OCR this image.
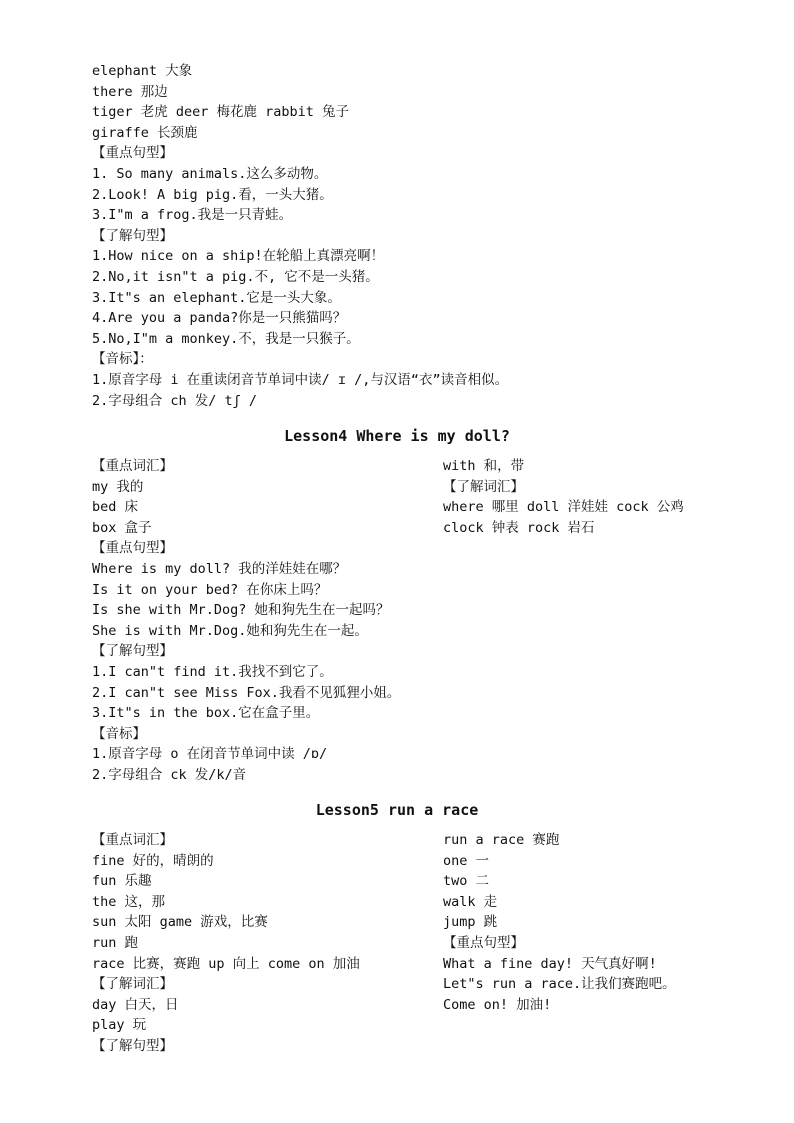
elephant 大象
there 那边
tiger 老虎 deer 梅花鹿 rabbit 兔子
giraffe 长颈鹿
【重点句型】
1. So many animals.这么多动物。
2.Look! A big pig.看，一头大猪。
3.I"m a frog.我是一只青蛙。
【了解句型】
1.How nice on a ship!在轮船上真漂亮啊！
2.No,it isn"t a pig.不, 它不是一头猪。
3.It"s an elephant.它是一头大象。
4.Are you a panda?你是一只熊猫吗？
5.No,I"m a monkey.不，我是一只猴子。
【音标】：
1.原音字母 i 在重读闭音节单词中读/ ɪ /,与汉语“衣”读音相似。
2.字母组合 ch 发/ tʃ /
Lesson4 Where is my doll?
【重点词汇】
my 我的
bed 床
box 盒子
【重点句型】
Where is my doll? 我的洋娃娃在哪？
Is it on your bed? 在你床上吗？
Is she with Mr.Dog? 她和狗先生在一起吗？
She is with Mr.Dog.她和狗先生在一起。
【了解句型】
1.I can"t find it.我找不到它了。
2.I can"t see Miss Fox.我看不见狐狸小姐。
3.It"s in the box.它在盒子里。
【音标】
1.原音字母 o 在闭音节单词中读 /ɒ/
2.字母组合 ck 发/k/音
with 和，带
【了解词汇】
where 哪里 doll 洋娃娃 cock 公鸡
clock 钟表 rock 岩石
Lesson5 run a race
【重点词汇】
fine 好的，晴朗的
fun 乐趣
the 这，那
sun 太阳 game 游戏，比赛
run 跑
race 比赛，赛跑 up 向上 come on 加油
【了解词汇】
day 白天，日
play 玩
【了解句型】
run a race 赛跑
one 一
two 二
walk 走
jump 跳
【重点句型】
What a fine day! 天气真好啊!
Let"s run a race.让我们赛跑吧。
Come on! 加油!
